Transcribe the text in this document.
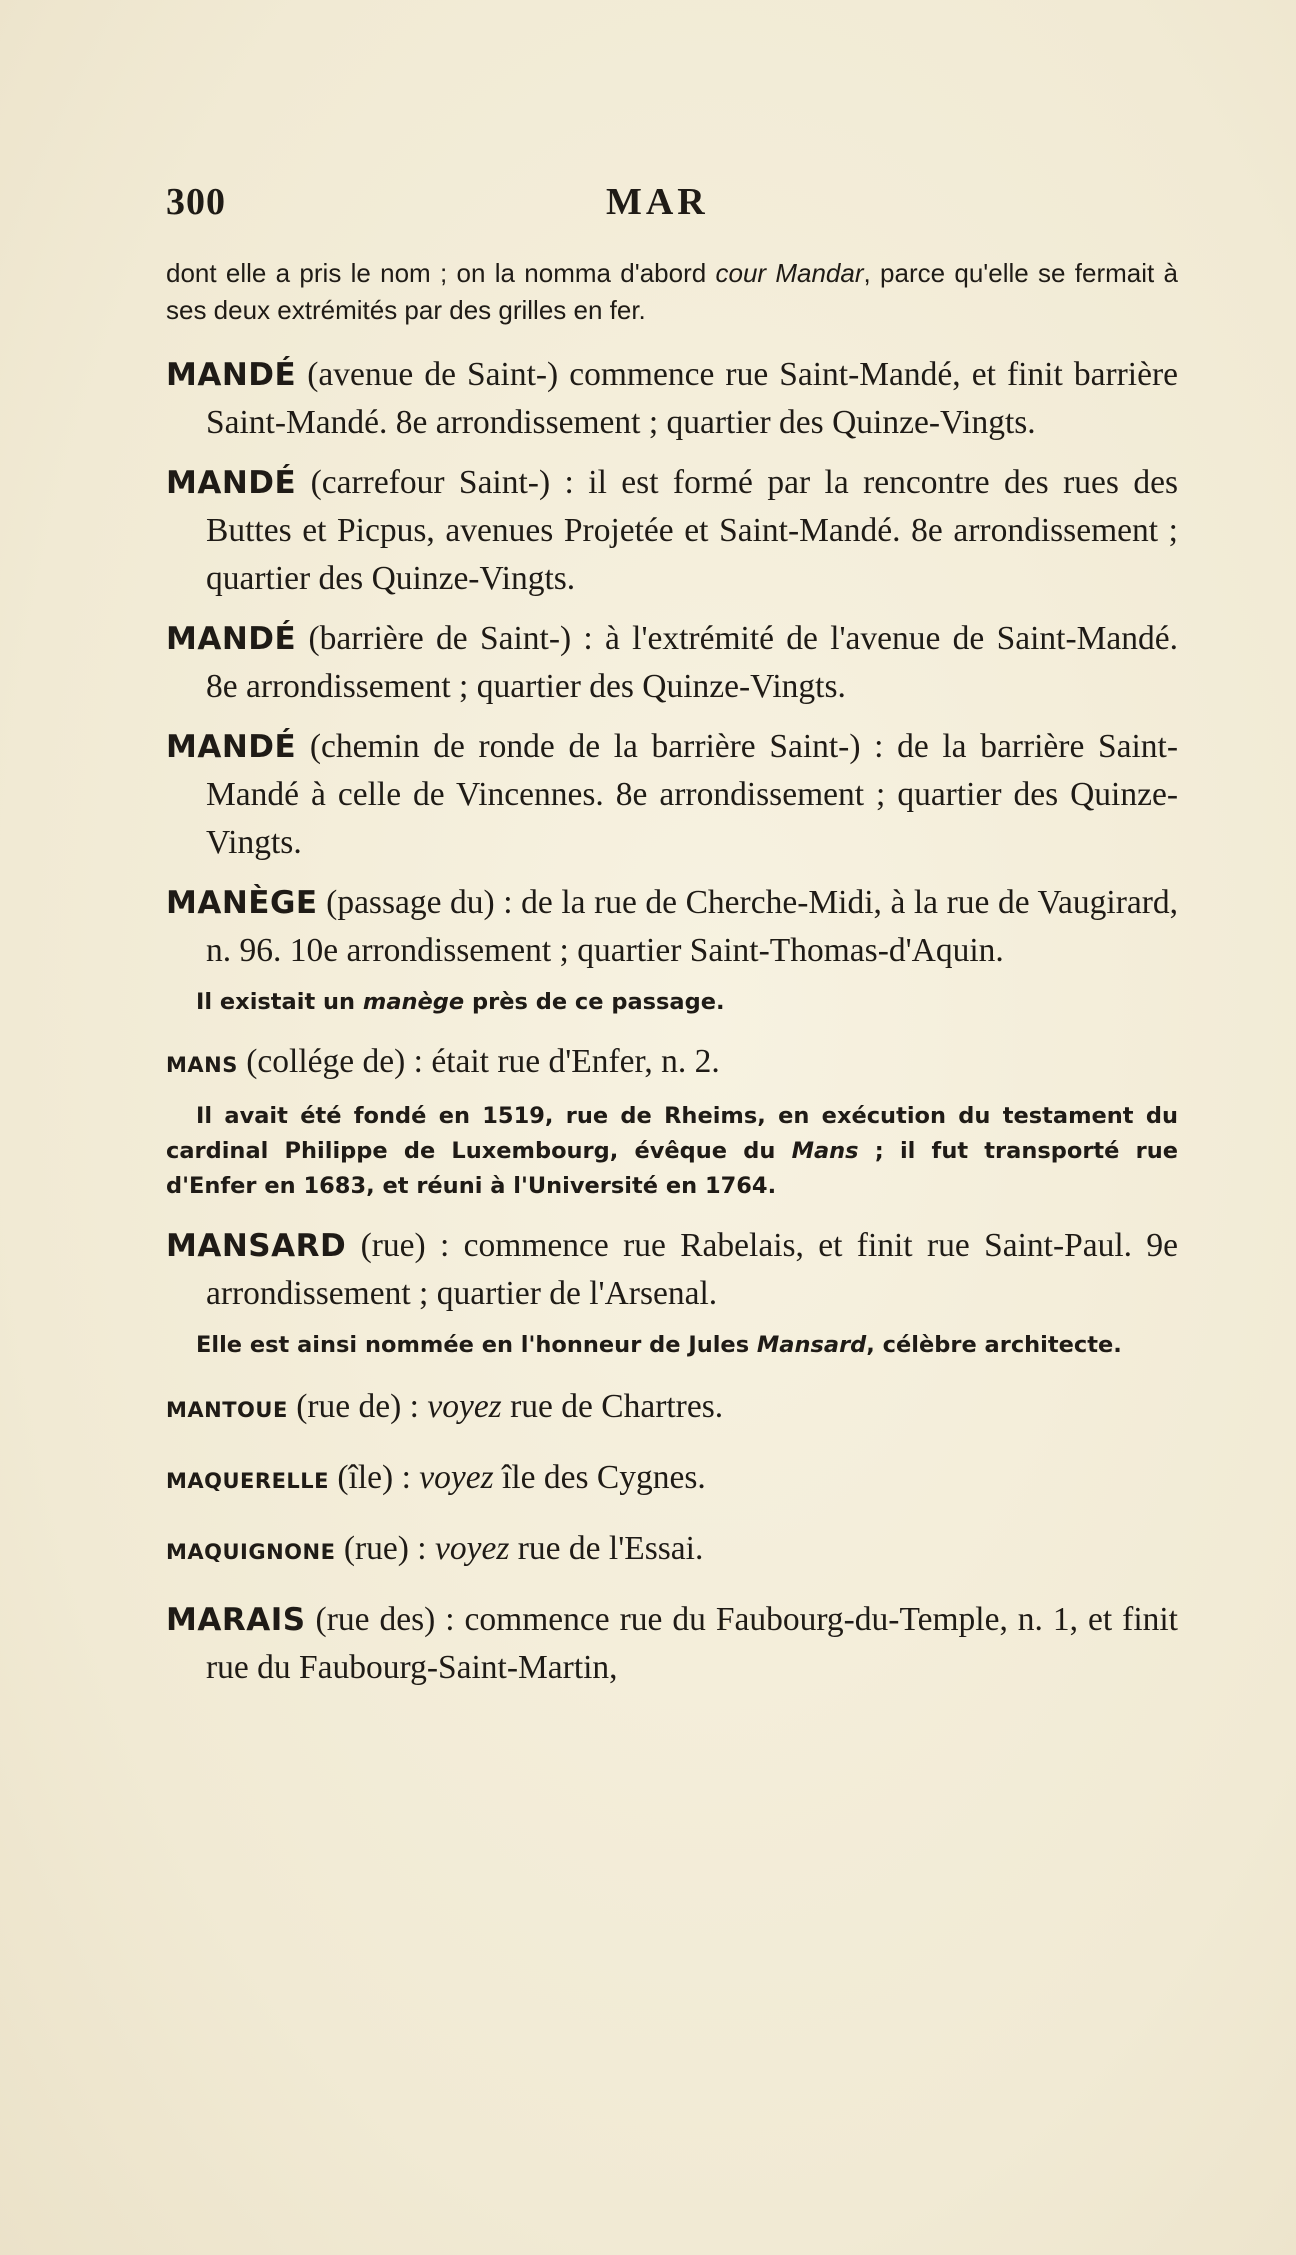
300	MAR

dont elle a pris le nom ; on la nomma d'abord cour Mandar, parce qu'elle se fermait à ses deux extrémités par des grilles en fer.

MANDÉ (avenue de Saint-) commence rue Saint-Mandé, et finit barrière Saint-Mandé. 8e arrondissement ; quartier des Quinze-Vingts.

MANDÉ (carrefour Saint-) : il est formé par la rencontre des rues des Buttes et Picpus, avenues Projetée et Saint-Mandé. 8e arrondissement ; quartier des Quinze-Vingts.

MANDÉ (barrière de Saint-) : à l'extrémité de l'avenue de Saint-Mandé. 8e arrondissement ; quartier des Quinze-Vingts.

MANDÉ (chemin de ronde de la barrière Saint-) : de la barrière Saint-Mandé à celle de Vincennes. 8e arrondissement ; quartier des Quinze-Vingts.

MANÈGE (passage du) : de la rue de Cherche-Midi, à la rue de Vaugirard, n. 96. 10e arrondissement ; quartier Saint-Thomas-d'Aquin.

Il existait un manège près de ce passage.

MANS (collége de) : était rue d'Enfer, n. 2.

Il avait été fondé en 1519, rue de Rheims, en exécution du testament du cardinal Philippe de Luxembourg, évêque du Mans ; il fut transporté rue d'Enfer en 1683, et réuni à l'Université en 1764.

MANSARD (rue) : commence rue Rabelais, et finit rue Saint-Paul. 9e arrondissement ; quartier de l'Arsenal.

Elle est ainsi nommée en l'honneur de Jules Mansard, célèbre architecte.

MANTOUE (rue de) : voyez rue de Chartres.

MAQUERELLE (île) : voyez île des Cygnes.

MAQUIGNONE (rue) : voyez rue de l'Essai.

MARAIS (rue des) : commence rue du Faubourg-du-Temple, n. 1, et finit rue du Faubourg-Saint-Martin,
